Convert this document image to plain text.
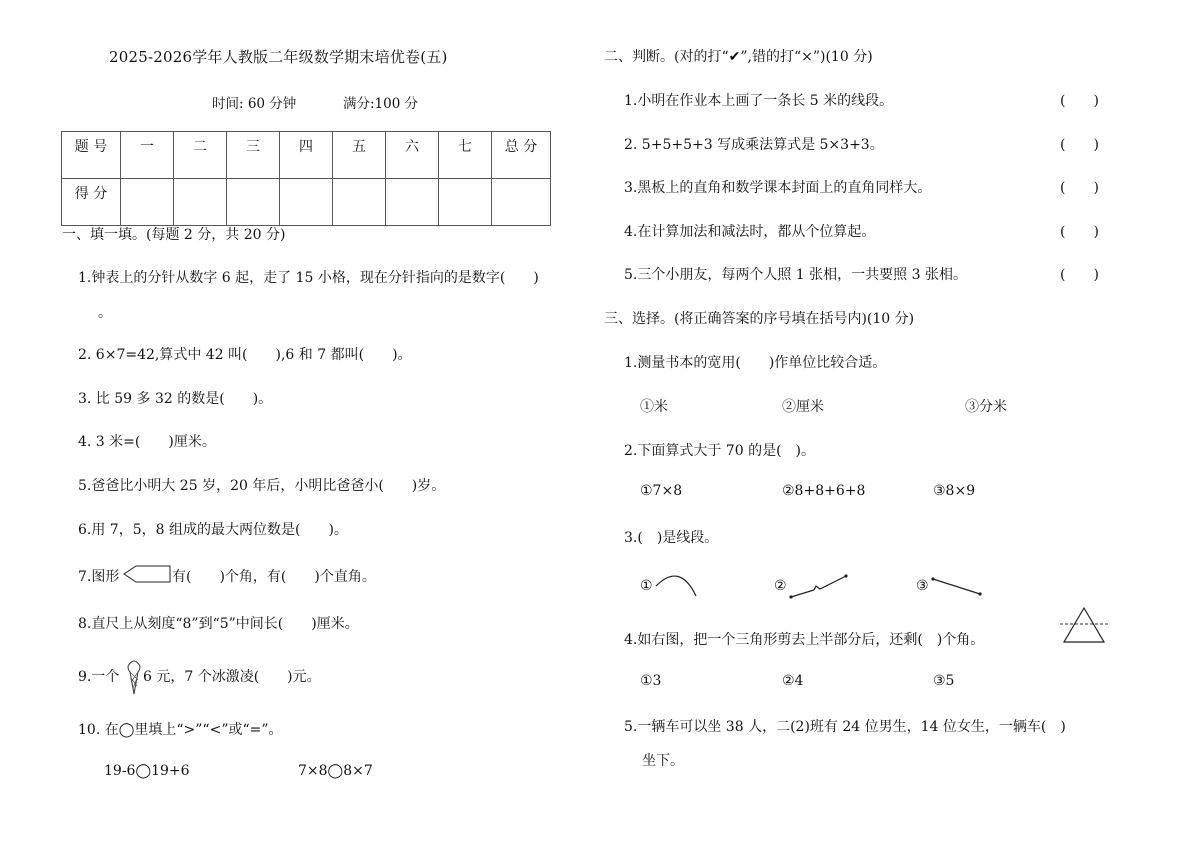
2025-2026学年人教版二年级数学期末培优卷(五)
时间: 60 分钟	满分:100 分
题 号	一	二	三	四	五	六	七	总 分
得 分								
一、填一填。(每题 2 分，共 20 分)
1.钟表上的分针从数字 6 起，走了 15 小格，现在分针指向的是数字(　　)
。
2. 6×7=42,算式中 42 叫(　　),6 和 7 都叫(　　)。
3. 比 59 多 32 的数是(　　)。
4. 3 米=(　　)厘米。
5.爸爸比小明大 25 岁，20 年后，小明比爸爸小(　　)岁。
6.用 7，5，8 组成的最大两位数是(　　)。
7.图形	有(　　)个角，有(　　)个直角。
8.直尺上从刻度“8”到“5”中间长(　　)厘米。
9.一个 6 元，7 个冰激凌(　　)元。
10. 在◯里填上“>”“<”或“=”。
19-6◯19+6	7×8◯8×7
二、判断。(对的打“✔”,错的打“×”)(10 分)
1.小明在作业本上画了一条长 5 米的线段。	(　　)
2. 5+5+5+3 写成乘法算式是 5×3+3。	(　　)
3.黑板上的直角和数学课本封面上的直角同样大。	(　　)
4.在计算加法和减法时，都从个位算起。	(　　)
5.三个小朋友，每两个人照 1 张相，一共要照 3 张相。	(　　)
三、选择。(将正确答案的序号填在括号内)(10 分)
1.测量书本的宽用(　　)作单位比较合适。
①米	②厘米	③分米
2.下面算式大于 70 的是(　)。
①7×8	②8+8+6+8	③8×9
3.(　)是线段。
①	②	③
4.如右图，把一个三角形剪去上半部分后，还剩(　)个角。
①3	②4	③5
5.一辆车可以坐 38 人，二(2)班有 24 位男生，14 位女生，一辆车(　)
坐下。
